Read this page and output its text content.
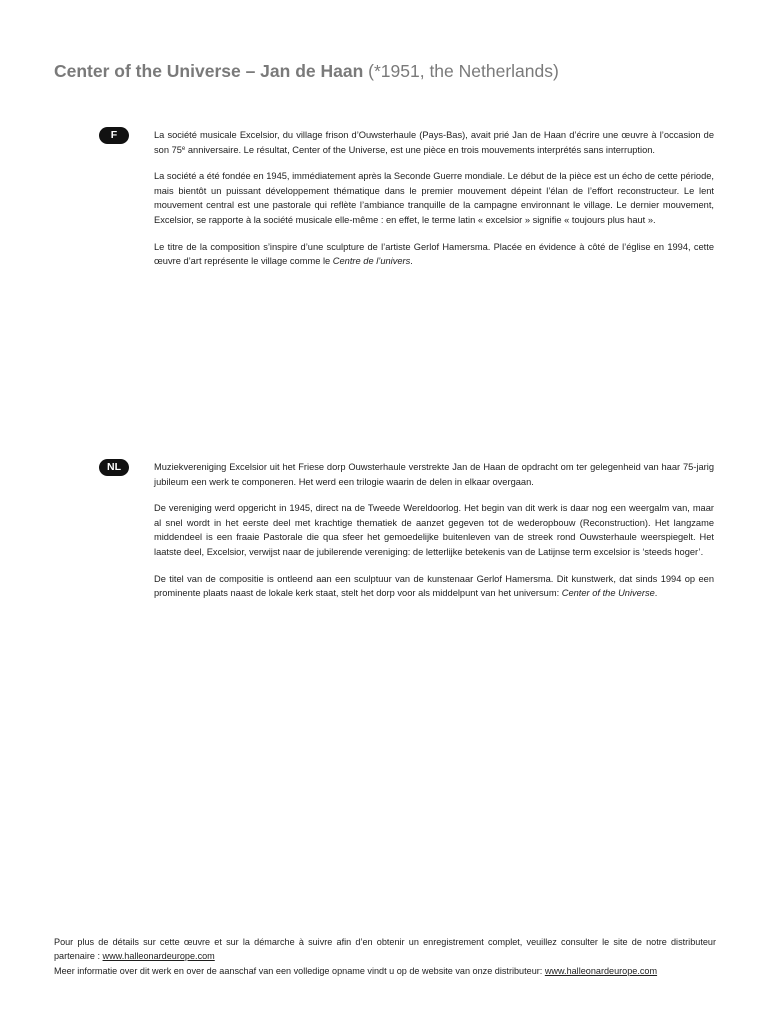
Center of the Universe – Jan de Haan (*1951, the Netherlands)
F	La société musicale Excelsior, du village frison d’Ouwsterhaule (Pays-Bas), avait prié Jan de Haan d’écrire une œuvre à l’occasion de son 75e anniversaire. Le résultat, Center of the Universe, est une pièce en trois mouvements interprétés sans interruption.

La société a été fondée en 1945, immédiatement après la Seconde Guerre mondiale. Le début de la pièce est un écho de cette période, mais bientôt un puissant développement thématique dans le premier mouvement dépeint l’élan de l’effort reconstructeur. Le lent mouvement central est une pastorale qui reflète l’ambiance tranquille de la campagne environnant le village. Le dernier mouvement, Excelsior, se rapporte à la société musicale elle-même : en effet, le terme latin « excelsior » signifie « toujours plus haut ».

Le titre de la composition s’inspire d’une sculpture de l’artiste Gerlof Hamersma. Placée en évidence à côté de l’église en 1994, cette œuvre d’art représente le village comme le Centre de l’univers.

NL	Muziekvereniging Excelsior uit het Friese dorp Ouwsterhaule verstrekte Jan de Haan de opdracht om ter gelegenheid van haar 75-jarig jubileum een werk te componeren. Het werd een trilogie waarin de delen in elkaar overgaan.

De vereniging werd opgericht in 1945, direct na de Tweede Wereldoorlog. Het begin van dit werk is daar nog een weergalm van, maar al snel wordt in het eerste deel met krachtige thematiek de aanzet gegeven tot de wederopbouw (Reconstruction). Het langzame middendeel is een fraaie Pastorale die qua sfeer het gemoedelijke buitenleven van de streek rond Ouwsterhaule weerspiegelt. Het laatste deel, Excelsior, verwijst naar de jubilerende vereniging: de letterlijke betekenis van de Latijnse term excelsior is ‘steeds hoger’.

De titel van de compositie is ontleend aan een sculptuur van de kunstenaar Gerlof Hamersma. Dit kunstwerk, dat sinds 1994 op een prominente plaats naast de lokale kerk staat, stelt het dorp voor als middelpunt van het universum: Center of the Universe.

Pour plus de détails sur cette œuvre et sur la démarche à suivre afin d’en obtenir un enregistrement complet, veuillez consulter le site de notre distributeur partenaire : www.halleonardeurope.com

Meer informatie over dit werk en over de aanschaf van een volledige opname vindt u op de website van onze distributeur: www.halleonardeurope.com
